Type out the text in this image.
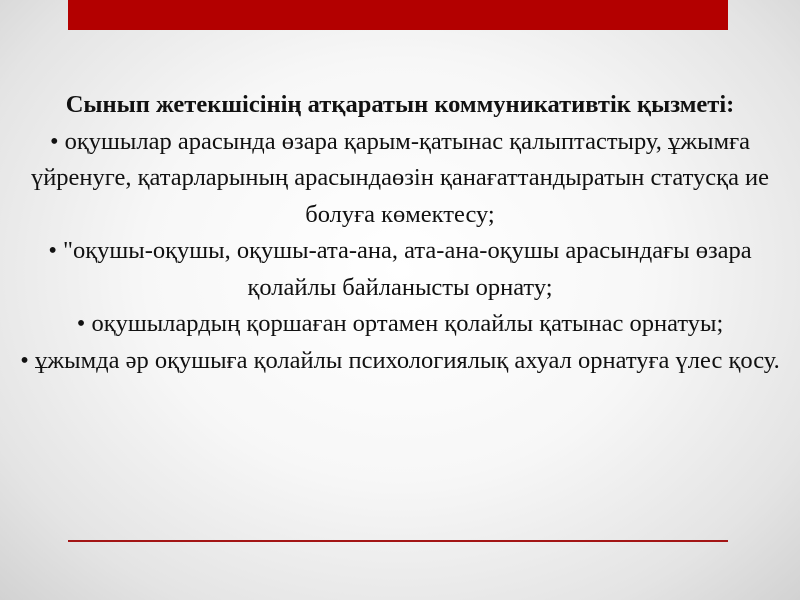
Сынып жетекшісінің атқаратын коммуникативтік қызметі:

• оқушылар арасында өзара қарым-қатынас қалыптастыру, ұжымға үйренуге, қатарларының арасындаөзін қанағаттандыратын статусқа ие болуға көмектесу;

• "оқушы-оқушы, оқушы-ата-ана, ата-ана-оқушы арасындағы өзара қолайлы байланысты орнату;

• оқушылардың қоршаған ортамен қолайлы қатынас орнатуы;

• ұжымда әр оқушыға қолайлы психологиялық ахуал орнатуға үлес қосу.
